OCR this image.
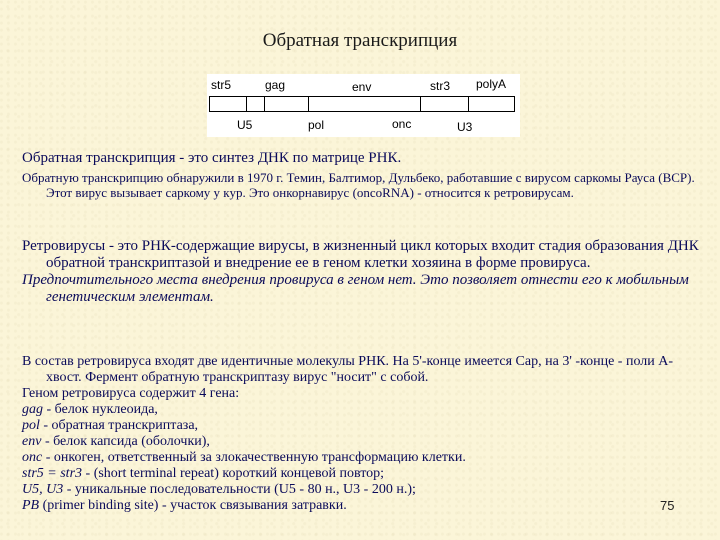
Обратная транскрипция
str5	gag	env	str3 polyA
U5	pol	onc	U3

Обратная транскрипция - это синтез ДНК по матрице РНК.

Обратную транскрипцию обнаружили в 1970 г. Темин, Балтимор, Дульбеко, работавшие с вирусом саркомы Рауса (ВСР). Этот вирус вызывает саркому у кур. Это онкорнавирус (oncoRNA) - относится к ретровирусам.

Ретровирусы - это РНК-содержащие вирусы, в жизненный цикл которых входит стадия образования ДНК обратной транскриптазой и внедрение ее в геном клетки хозяина в форме провируса.

Предпочтительного места внедрения провируса в геном нет. Это позволяет отнести его к мобильным генетическим элементам.

В состав ретровируса входят две идентичные молекулы РНК. На 5'-конце имеется Cap, на 3' -конце - поли А-хвост. Фермент обратную транскриптазу вирус "носит" с собой.

Геном ретровируса содержит 4 гена:

gag - белок нуклеоида,

pol - обратная транскриптаза,

env - белок капсида (оболочки),

onc - онкоген, ответственный за злокачественную трансформацию клетки.

str5 = str3 - (short terminal repeat) короткий концевой повтор;

U5, U3 - уникальные последовательности (U5 - 80 н., U3 - 200 н.);

PB (primer binding site) - участок связывания затравки.	75
